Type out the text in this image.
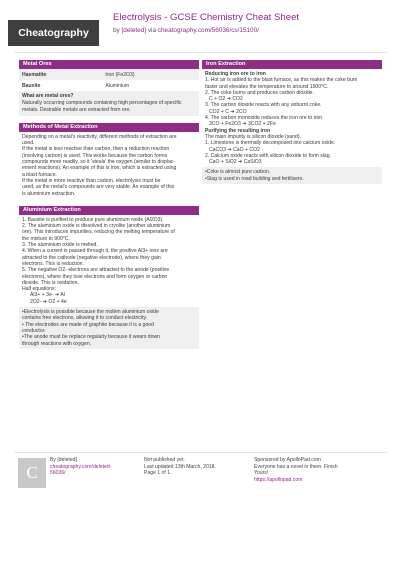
Cheatography
Electrolysis - GCSE Chemistry Cheat Sheet
by [deleted] via cheatography.com/56036/cs/15100/
Metal Ores
Haematite	Iron (Fe2O3)
Bauxite	Aluminium

What are metal ores?

Naturally occurring compounds containing high percentages of specific metals. Desirable metals are extracted from ore.

Methods of Metal Extraction
Depending on a metal's reactivity, different methods of extraction are
used.
If the metal is less reactive than carbon, then a reduction reaction
(involving carbon) is used. This works because the carbon forms
compounds more readily, so it 'steals' the oxygen (similar to displac-
ement reactions). An example of this is iron, which is extracted using
a blast furnace.
If the metal is more reactive than carbon, electrolysis must be
used, as the metal's compounds are very stable. An example of this
is aluminium extraction.
Aluminium Extraction
1. Bauxite is purified to produce pure aluminium oxide (Al2O3).
2. The aluminium oxide is dissolved in cryolite (another aluminium
ore). This introduces impurities, reducing the melting temperature of
the mixture to 900°C.
3. The aluminium oxide is melted.
4. When a current is passed through it, the positive Al3+ ions are
attracted to the cathode (negative electrode), where they gain
electrons. This is reduction.
5. The negative O2- electrons are attracted to the anode (positive
electrons), where they lose electrons and form oxygen or carbon
dioxide. This is oxidation.
Half equations:
Al3+ + 3e- ➔ Al
2O2- ➔ O2 + 4e
•Electrolysis is possible because the molten aluminium oxide
contains free electrons, allowing it to conduct electricity.
• The electrodes are made of graphite because it is a good
conductor.
•The anode must be replace regularly because it wears down
through reactions with oxygen.
Iron Extraction
Reducing iron ore to iron
1. Hot air is added to the blast furnace, as this makes the coke burn
faster and elevates the temperature to around 1500°C.
2. The coke burns and produces carbon dioxide.
C + O2 ➔ CO2
3. The carbon dioxide reacts with any unburnt coke.
CO2 + C ➔ 2CO
4. The carbon monoxide reduces the iron ore to iron.
3CO + Fe2O3 ➔ 3CO2 + 2Fe
Purifying the resulting iron
The main impurity is silicon dioxide (sand).
1. Limestone is thermally decomposed into calcium oxide.
CaCO3 ➔ CaO + CO2
2. Calcium oxide reacts with silicon dioxide to form slag.
CaO + SiO2 ➔ CaSiO3
•Coke is almost pure carbon.
•Slag is used in road building and fertilisers.
C
By [deleted]
cheatography.com/deleted-56036/
Not published yet.
Last updated 13th March, 2018.
Page 1 of 1.
Sponsored by ApolloPad.com
Everyone has a novel in them. Finish
Yours!
https://apollopad.com
